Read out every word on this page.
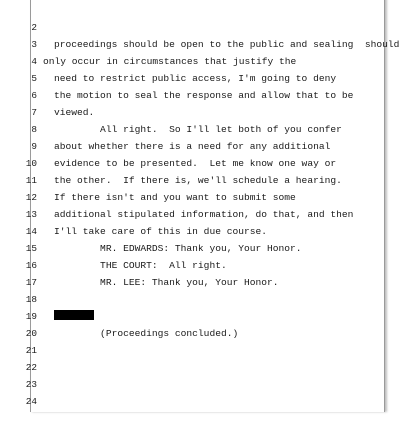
2

proceedings should be open to the public and sealing  should

3

only occur in circumstances that justify the

4

need to restrict public access, I'm going to deny

5

the motion to seal the response and allow that to be

6

viewed.

7

All right.  So I'll let both of you confer

8

about whether there is a need for any additional

9

evidence to be presented.  Let me know one way or

10

the other.  If there is, we'll schedule a hearing.

11

If there isn't and you want to submit some

12

additional stipulated information, do that, and then

13

I'll take care of this in due course.

14

MR. EDWARDS: Thank you, Your Honor.

15

THE COURT:  All right.

16

MR. LEE: Thank you, Your Honor.

17

18

19

(Proceedings concluded.)

20

21

22

23

24
